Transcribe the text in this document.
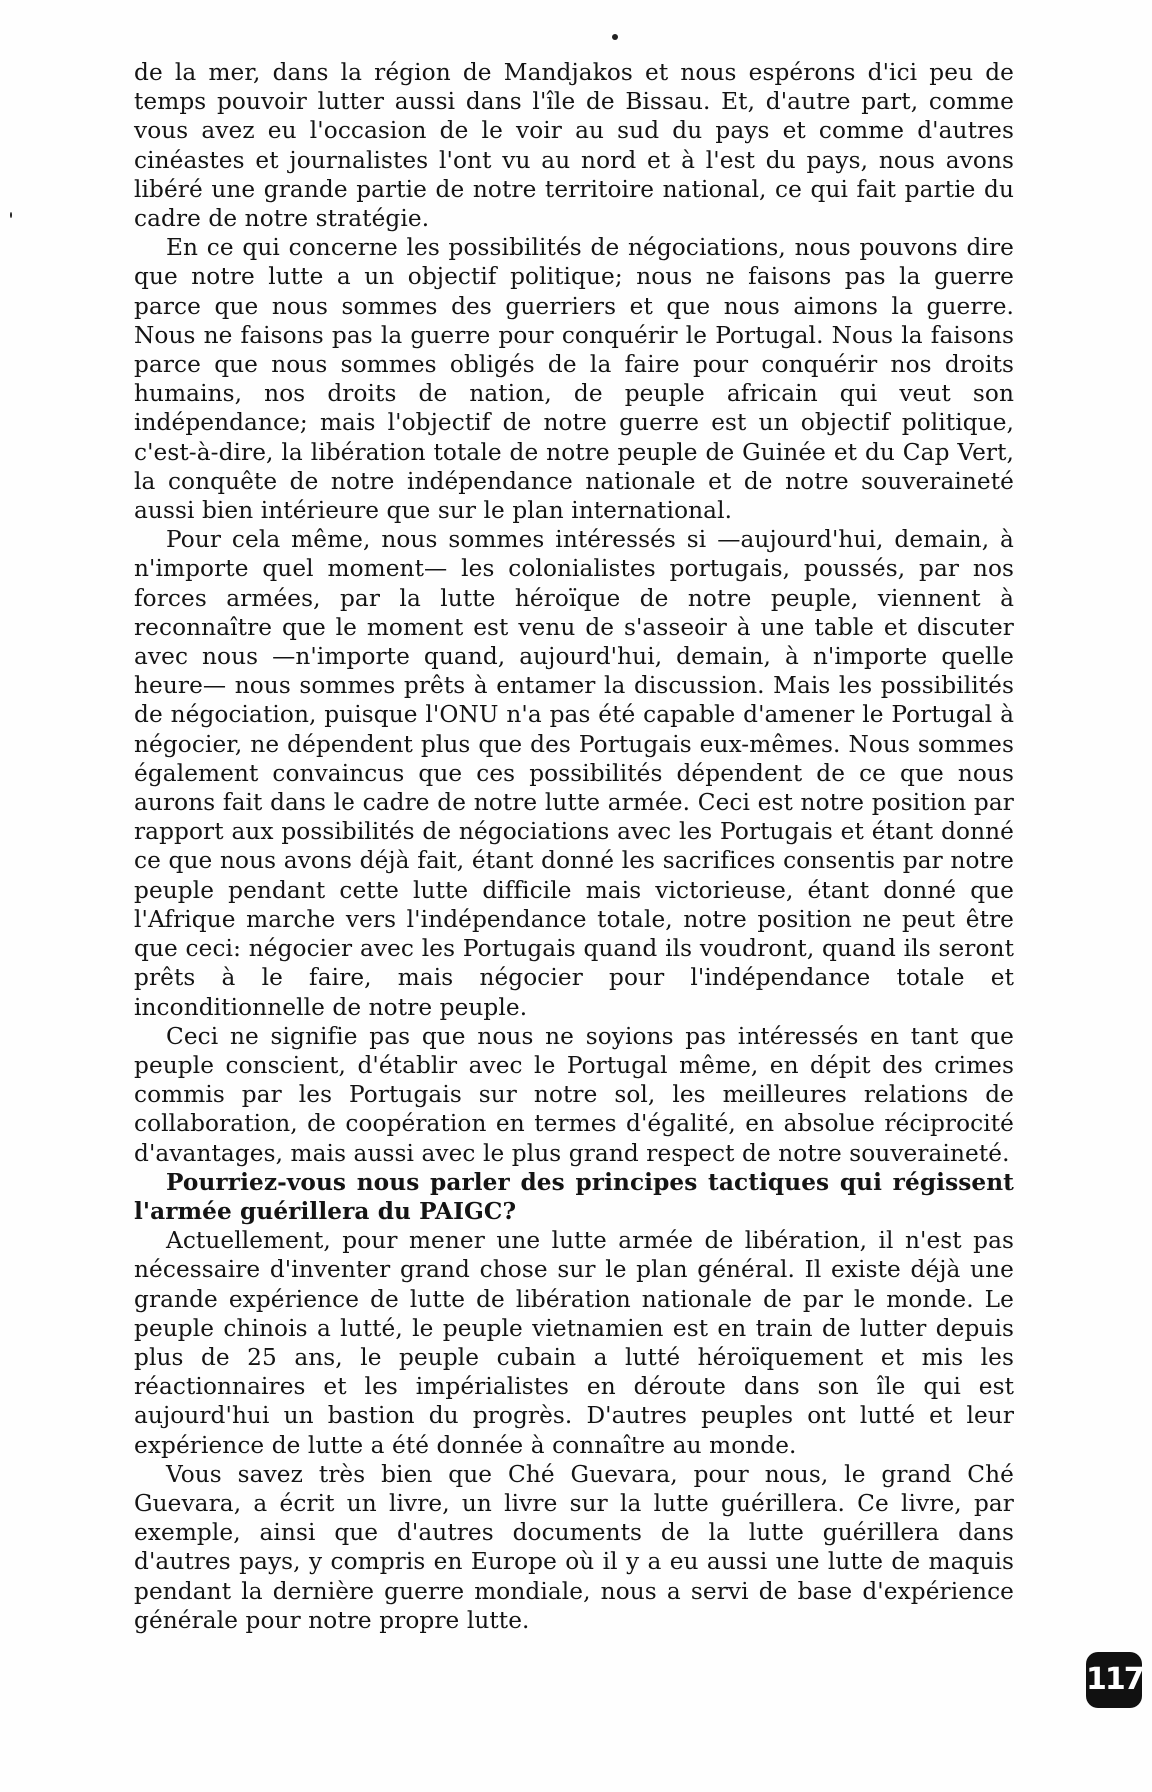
de la mer, dans la région de Mandjakos et nous espérons d'ici peu de temps pouvoir lutter aussi dans l'île de Bissau. Et, d'autre part, comme vous avez eu l'occasion de le voir au sud du pays et comme d'autres cinéastes et journalistes l'ont vu au nord et à l'est du pays, nous avons libéré une grande partie de notre territoire national, ce qui fait partie du cadre de notre stratégie.

En ce qui concerne les possibilités de négociations, nous pouvons dire que notre lutte a un objectif politique; nous ne faisons pas la guerre parce que nous sommes des guerriers et que nous aimons la guerre. Nous ne faisons pas la guerre pour conquérir le Portugal. Nous la faisons parce que nous sommes obligés de la faire pour conquérir nos droits humains, nos droits de nation, de peuple africain qui veut son indépendance; mais l'objectif de notre guerre est un objectif politique, c'est-à-dire, la libération totale de notre peuple de Guinée et du Cap Vert, la conquête de notre indépendance nationale et de notre souveraineté aussi bien intérieure que sur le plan international.

Pour cela même, nous sommes intéressés si —aujourd'hui, demain, à n'importe quel moment— les colonialistes portugais, poussés, par nos forces armées, par la lutte héroïque de notre peuple, viennent à reconnaître que le moment est venu de s'asseoir à une table et discuter avec nous —n'importe quand, aujourd'hui, demain, à n'importe quelle heure— nous sommes prêts à entamer la discussion. Mais les possibilités de négociation, puisque l'ONU n'a pas été capable d'amener le Portugal à négocier, ne dépendent plus que des Portugais eux-mêmes. Nous sommes également convaincus que ces possibilités dépendent de ce que nous aurons fait dans le cadre de notre lutte armée. Ceci est notre position par rapport aux possibilités de négociations avec les Portugais et étant donné ce que nous avons déjà fait, étant donné les sacrifices consentis par notre peuple pendant cette lutte difficile mais victorieuse, étant donné que l'Afrique marche vers l'indépendance totale, notre position ne peut être que ceci: négocier avec les Portugais quand ils voudront, quand ils seront prêts à le faire, mais négocier pour l'indépendance totale et inconditionnelle de notre peuple.

Ceci ne signifie pas que nous ne soyions pas intéressés en tant que peuple conscient, d'établir avec le Portugal même, en dépit des crimes commis par les Portugais sur notre sol, les meilleures relations de collaboration, de coopération en termes d'égalité, en absolue réciprocité d'avantages, mais aussi avec le plus grand respect de notre souveraineté.

Pourriez-vous nous parler des principes tactiques qui régissent l'armée guérillera du PAIGC?

Actuellement, pour mener une lutte armée de libération, il n'est pas nécessaire d'inventer grand chose sur le plan général. Il existe déjà une grande expérience de lutte de libération nationale de par le monde. Le peuple chinois a lutté, le peuple vietnamien est en train de lutter depuis plus de 25 ans, le peuple cubain a lutté héroïquement et mis les réactionnaires et les impérialistes en déroute dans son île qui est aujourd'hui un bastion du progrès. D'autres peuples ont lutté et leur expérience de lutte a été donnée à connaître au monde.

Vous savez très bien que Ché Guevara, pour nous, le grand Ché Guevara, a écrit un livre, un livre sur la lutte guérillera. Ce livre, par exemple, ainsi que d'autres documents de la lutte guérillera dans d'autres pays, y compris en Europe où il y a eu aussi une lutte de maquis pendant la dernière guerre mondiale, nous a servi de base d'expérience générale pour notre propre lutte.

117
